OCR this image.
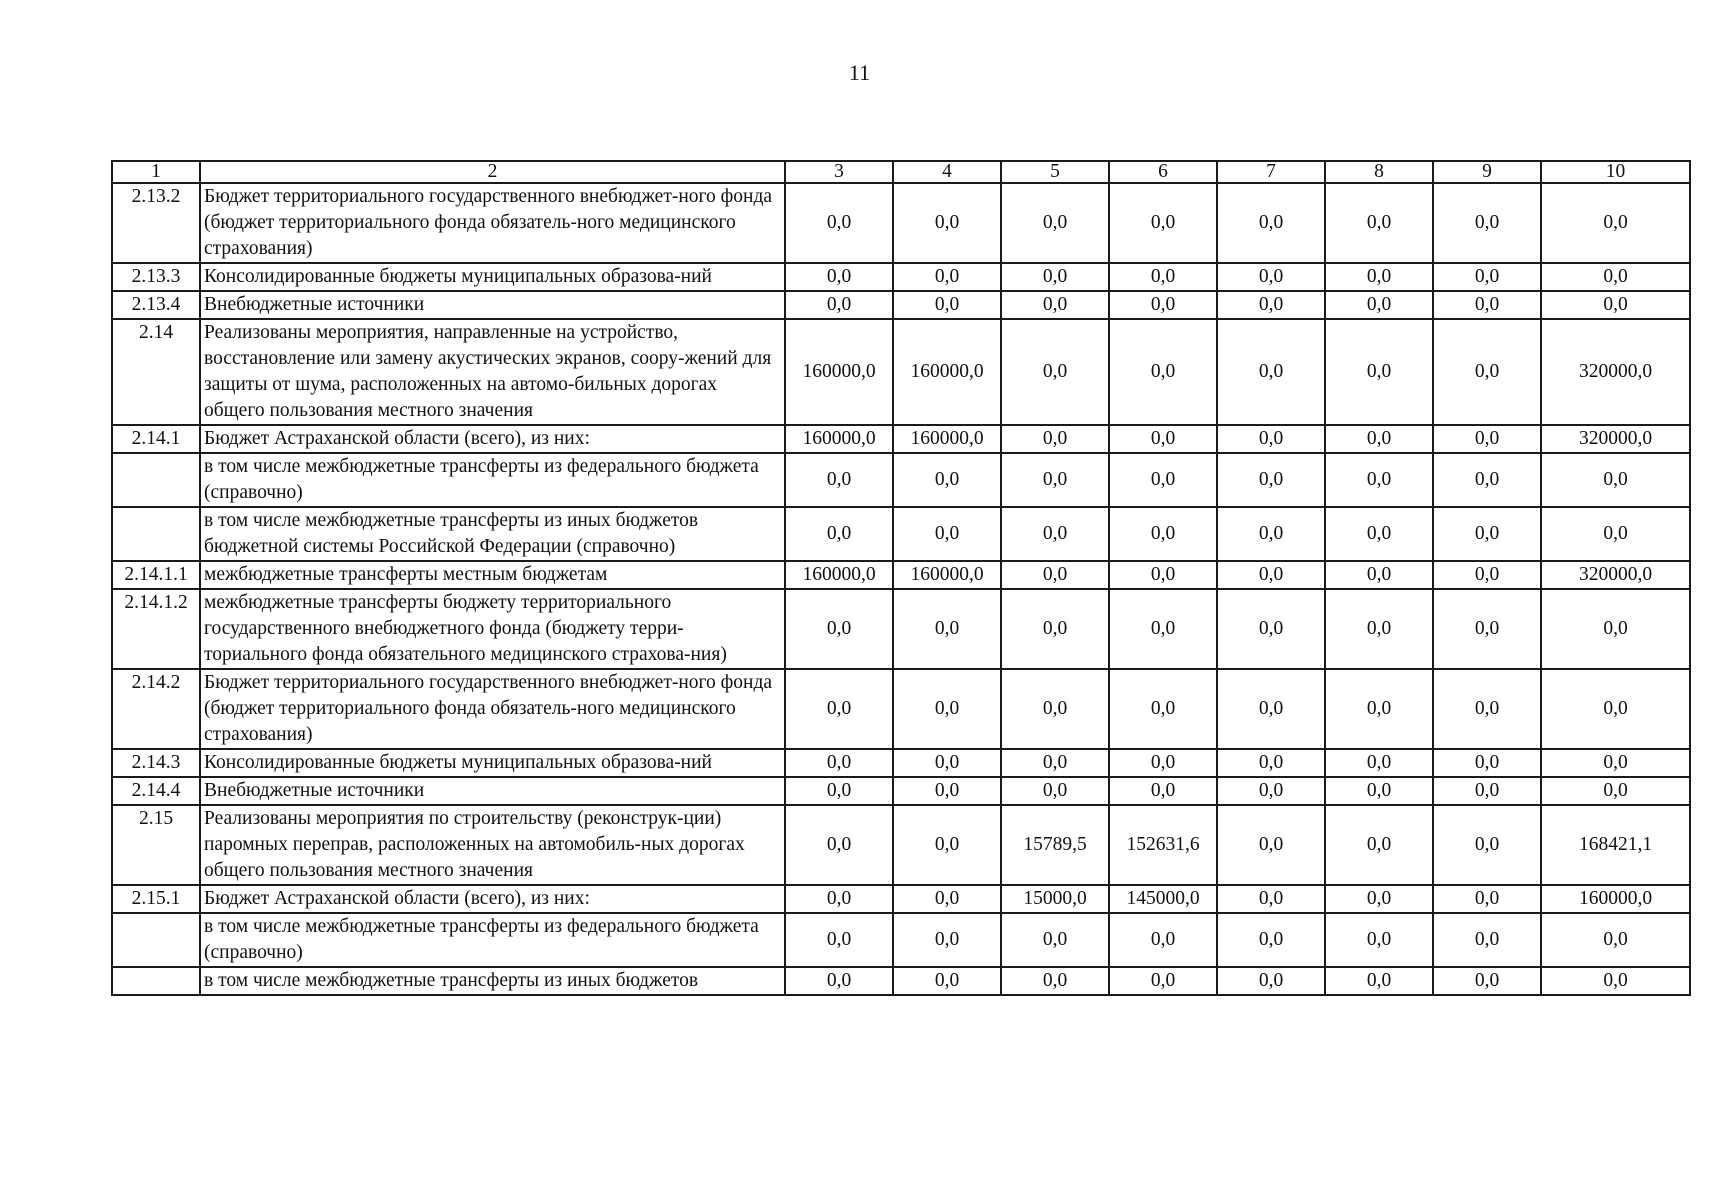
11
1	2	3	4	5	6	7	8	9	10
2.13.2	Бюджет территориального государственного внебюджет-ного фонда (бюджет территориального фонда обязатель-ного медицинского страхования)	0,0	0,0	0,0	0,0	0,0	0,0	0,0	0,0
2.13.3	Консолидированные бюджеты муниципальных образова-ний	0,0	0,0	0,0	0,0	0,0	0,0	0,0	0,0
2.13.4	Внебюджетные источники	0,0	0,0	0,0	0,0	0,0	0,0	0,0	0,0
2.14	Реализованы мероприятия, направленные на устройство, восстановление или замену акустических экранов, соору-жений для защиты от шума, расположенных на автомо-бильных дорогах общего пользования местного значения	160000,0	160000,0	0,0	0,0	0,0	0,0	0,0	320000,0
2.14.1	Бюджет Астраханской области (всего), из них:	160000,0	160000,0	0,0	0,0	0,0	0,0	0,0	320000,0
	в том числе межбюджетные трансферты из федерального бюджета (справочно)	0,0	0,0	0,0	0,0	0,0	0,0	0,0	0,0
	в том числе межбюджетные трансферты из иных бюджетов бюджетной системы Российской Федерации (справочно)	0,0	0,0	0,0	0,0	0,0	0,0	0,0	0,0
2.14.1.1	межбюджетные трансферты местным бюджетам	160000,0	160000,0	0,0	0,0	0,0	0,0	0,0	320000,0
2.14.1.2	межбюджетные трансферты бюджету территориального государственного внебюджетного фонда (бюджету терри-ториального фонда обязательного медицинского страхова-ния)	0,0	0,0	0,0	0,0	0,0	0,0	0,0	0,0
2.14.2	Бюджет территориального государственного внебюджет-ного фонда (бюджет территориального фонда обязатель-ного медицинского страхования)	0,0	0,0	0,0	0,0	0,0	0,0	0,0	0,0
2.14.3	Консолидированные бюджеты муниципальных образова-ний	0,0	0,0	0,0	0,0	0,0	0,0	0,0	0,0
2.14.4	Внебюджетные источники	0,0	0,0	0,0	0,0	0,0	0,0	0,0	0,0
2.15	Реализованы мероприятия по строительству (реконструк-ции) паромных переправ, расположенных на автомобиль-ных дорогах общего пользования местного значения	0,0	0,0	15789,5	152631,6	0,0	0,0	0,0	168421,1
2.15.1	Бюджет Астраханской области (всего), из них:	0,0	0,0	15000,0	145000,0	0,0	0,0	0,0	160000,0
	в том числе межбюджетные трансферты из федерального бюджета (справочно)	0,0	0,0	0,0	0,0	0,0	0,0	0,0	0,0
	в том числе межбюджетные трансферты из иных бюджетов	0,0	0,0	0,0	0,0	0,0	0,0	0,0	0,0
